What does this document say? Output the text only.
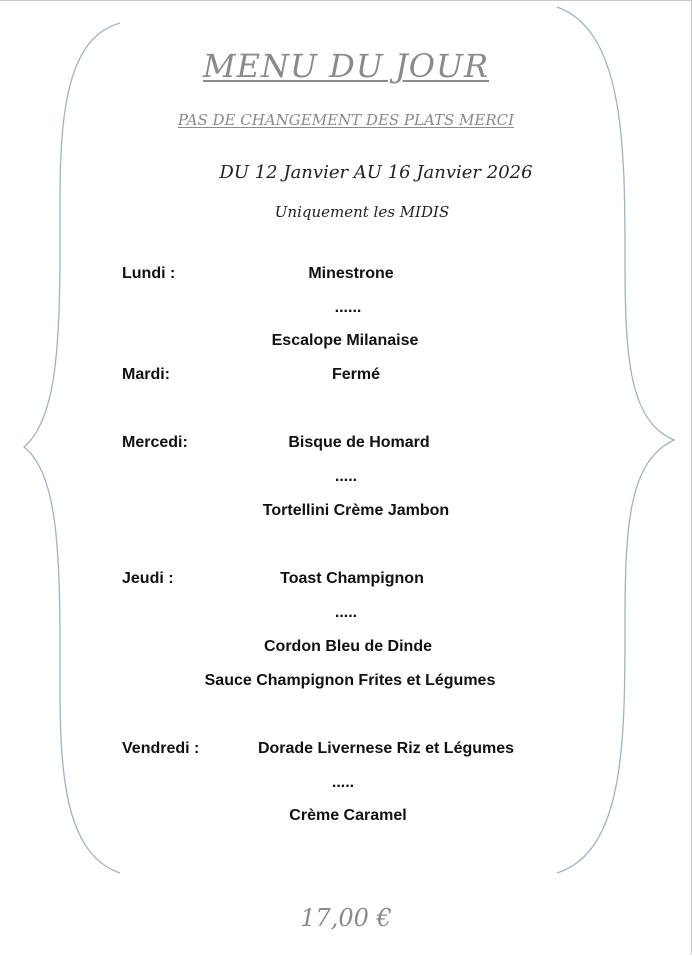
MENU DU JOUR
PAS DE CHANGEMENT DES PLATS MERCI
DU 12 Janvier AU 16 Janvier 2026
Uniquement les MIDIS
Lundi :	Minestrone
......
Escalope Milanaise
Mardi:	Fermé
Mercedi:	Bisque de Homard
.....
Tortellini Crème Jambon
Jeudi :	Toast Champignon
.....
Cordon Bleu de Dinde
Sauce Champignon Frites et Légumes
Vendredi :	Dorade Livernese Riz et Légumes
.....
Crème Caramel
17,00 €
